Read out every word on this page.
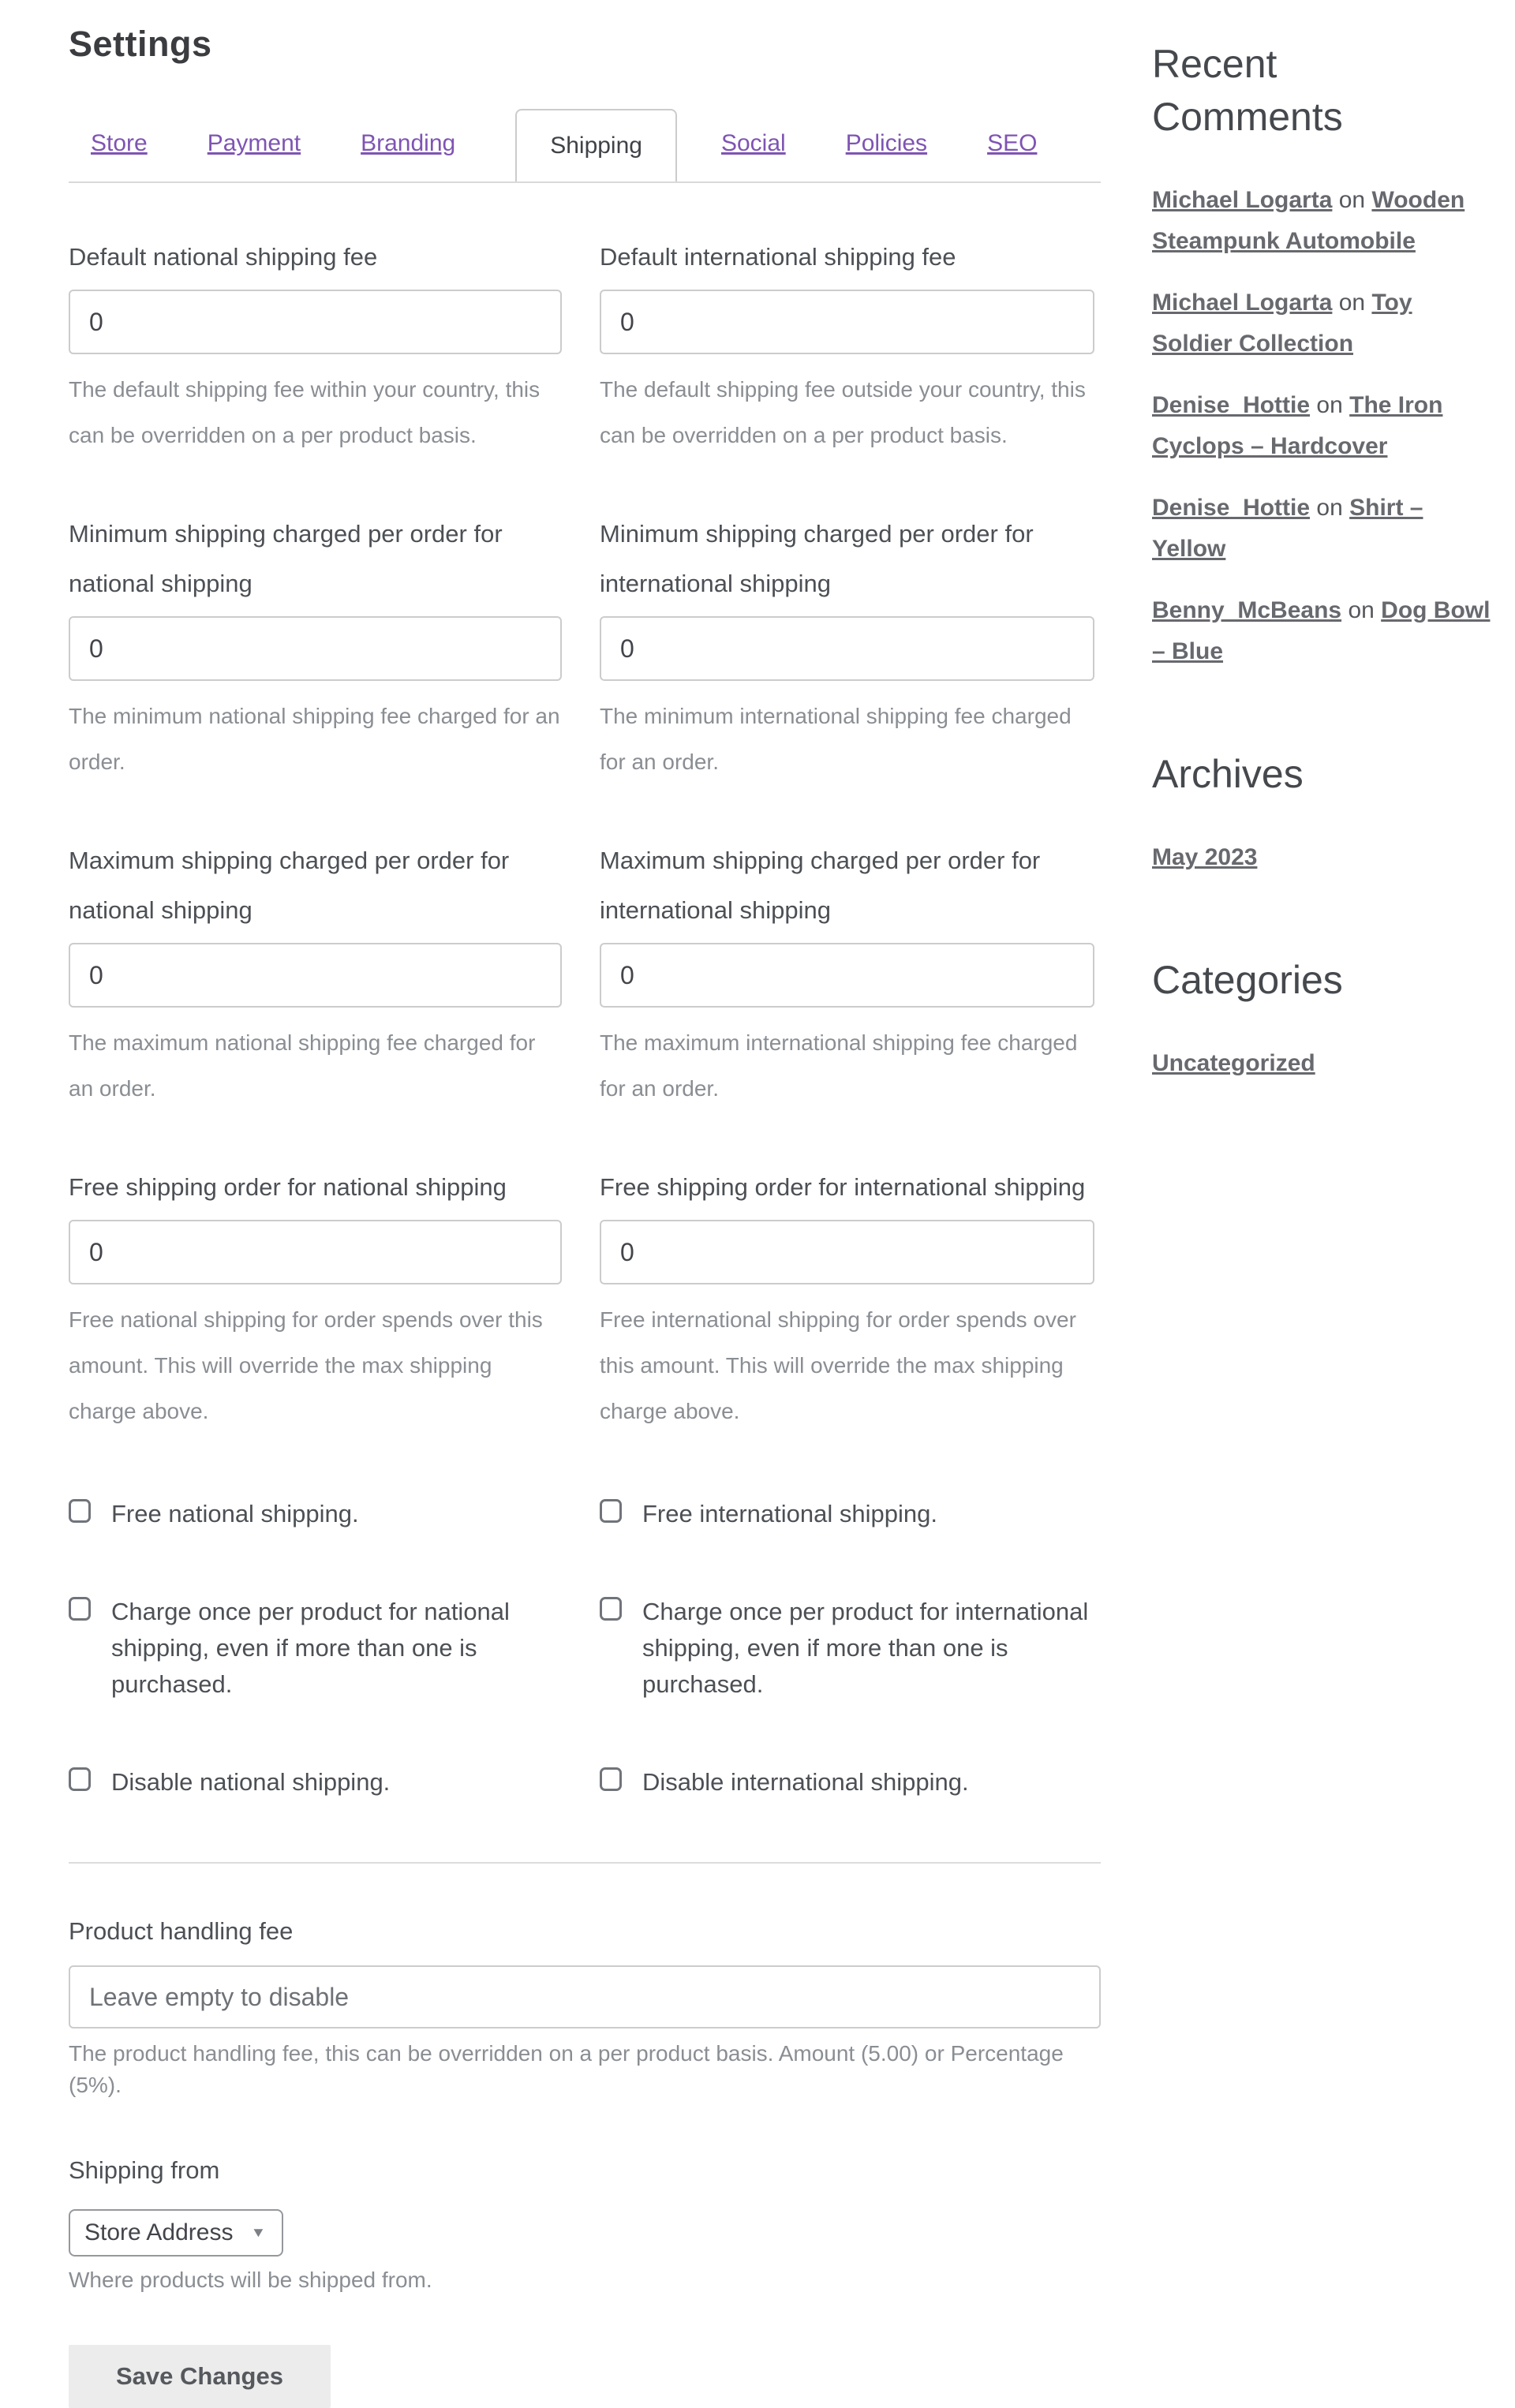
Settings
Store	Payment	Branding	Shipping	Social	Policies	SEO
Default national shipping fee
0
The default shipping fee within your country, this can be overridden on a per product basis.
Default international shipping fee
0
The default shipping fee outside your country, this can be overridden on a per product basis.
Minimum shipping charged per order for national shipping
0
The minimum national shipping fee charged for an order.
Minimum shipping charged per order for international shipping
0
The minimum international shipping fee charged for an order.
Maximum shipping charged per order for national shipping
0
The maximum national shipping fee charged for an order.
Maximum shipping charged per order for international shipping
0
The maximum international shipping fee charged for an order.
Free shipping order for national shipping
0
Free national shipping for order spends over this amount. This will override the max shipping charge above.
Free shipping order for international shipping
0
Free international shipping for order spends over this amount. This will override the max shipping charge above.
Free national shipping.	Free international shipping.
Charge once per product for national shipping, even if more than one is purchased.
Charge once per product for international shipping, even if more than one is purchased.
Disable national shipping.	Disable international shipping.
Product handling fee
Leave empty to disable
The product handling fee, this can be overridden on a per product basis. Amount (5.00) or Percentage (5%).
Shipping from
Store Address ▼
Where products will be shipped from.
Save Changes
Recent Comments
Michael Logarta on Wooden Steampunk Automobile
Michael Logarta on Toy Soldier Collection
Denise_Hottie on The Iron Cyclops – Hardcover
Denise_Hottie on Shirt – Yellow
Benny_McBeans on Dog Bowl – Blue
Archives
May 2023
Categories
Uncategorized
